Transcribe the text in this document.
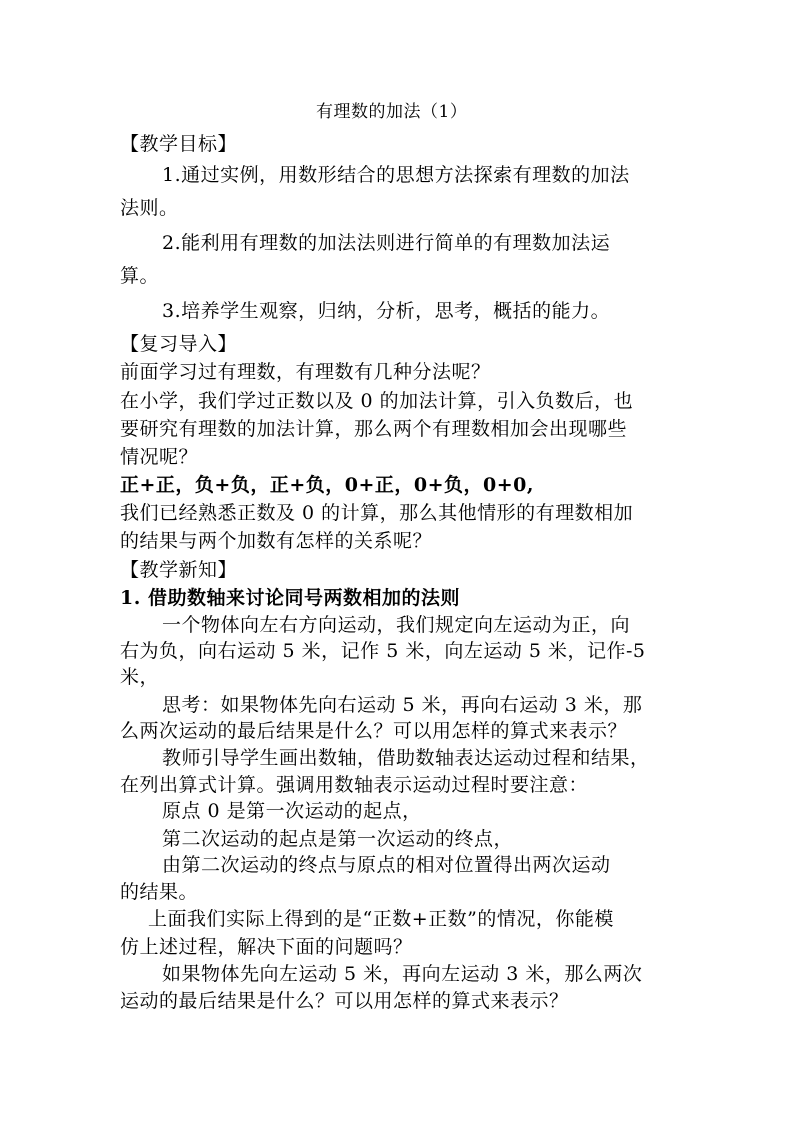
有理数的加法（1）
【教学目标】
1.通过实例，用数形结合的思想方法探索有理数的加法
法则。
2.能利用有理数的加法法则进行简单的有理数加法运
算。
3.培养学生观察，归纳，分析，思考，概括的能力。
【复习导入】
前面学习过有理数，有理数有几种分法呢？
在小学，我们学过正数以及 0 的加法计算，引入负数后，也
要研究有理数的加法计算，那么两个有理数相加会出现哪些
情况呢？
正+正，负+负，正+负，0+正，0+负，0+0,
我们已经熟悉正数及 0 的计算，那么其他情形的有理数相加
的结果与两个加数有怎样的关系呢？
【教学新知】
1. 借助数轴来讨论同号两数相加的法则
一个物体向左右方向运动，我们规定向左运动为正，向
右为负，向右运动 5 米，记作 5 米，向左运动 5 米，记作-5
米，
思考：如果物体先向右运动 5 米，再向右运动 3 米，那
么两次运动的最后结果是什么？可以用怎样的算式来表示？
教师引导学生画出数轴，借助数轴表达运动过程和结果，
在列出算式计算。强调用数轴表示运动过程时要注意：
原点 0 是第一次运动的起点，
第二次运动的起点是第一次运动的终点，
由第二次运动的终点与原点的相对位置得出两次运动
的结果。
上面我们实际上得到的是“正数+正数”的情况，你能模
仿上述过程，解决下面的问题吗？
如果物体先向左运动 5 米，再向左运动 3 米，那么两次
运动的最后结果是什么？可以用怎样的算式来表示？
